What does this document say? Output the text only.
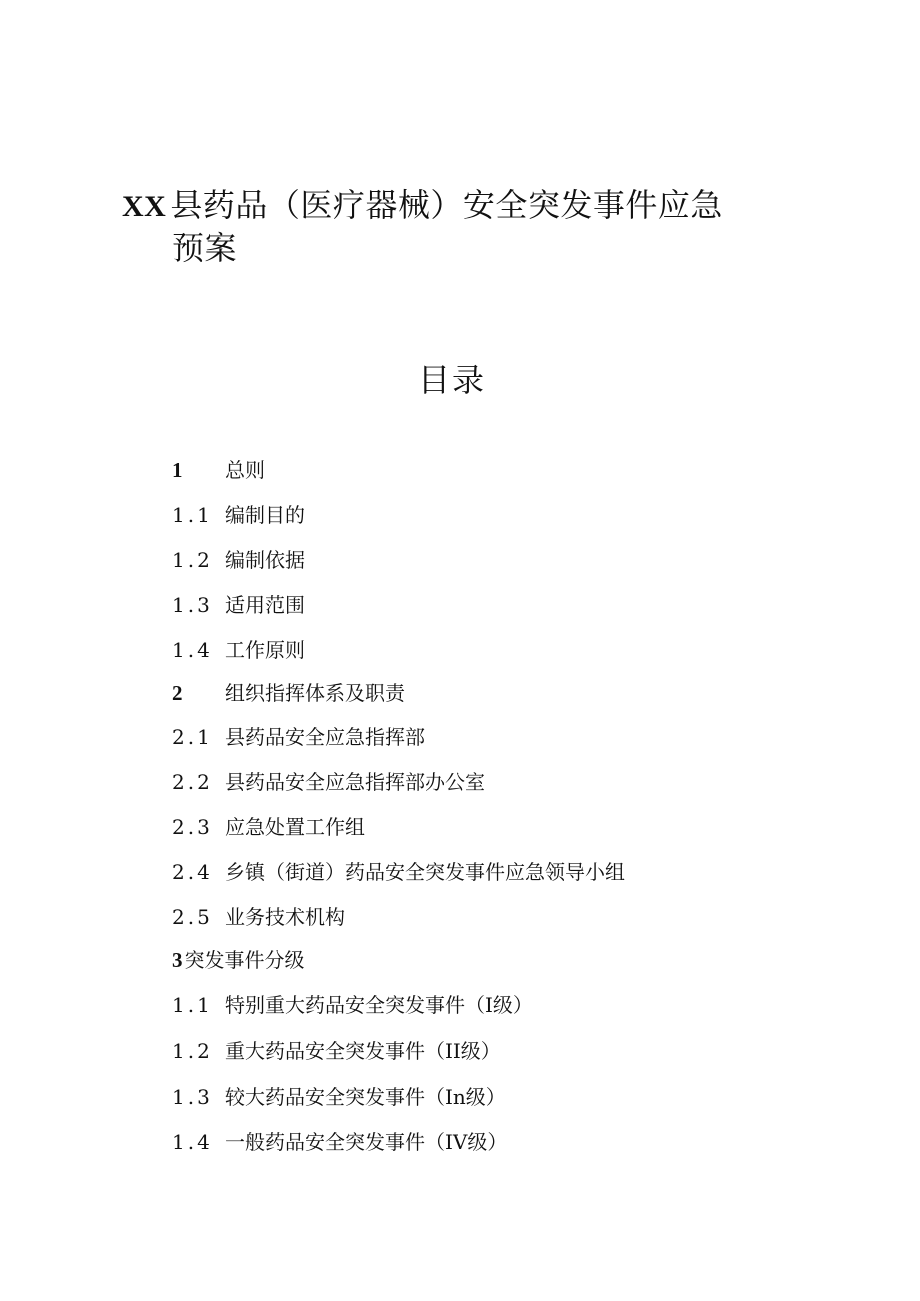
XX 县药品（医疗器械）安全突发事件应急
预案
目录
1 总则
1.1 编制目的
1.2 编制依据
1.3 适用范围
1.4 工作原则
2 组织指挥体系及职责
2.1 县药品安全应急指挥部
2.2 县药品安全应急指挥部办公室
2.3 应急处置工作组
2.4 乡镇（街道）药品安全突发事件应急领导小组
2.5 业务技术机构
3 突发事件分级
1.1 特别重大药品安全突发事件（I级）
1.2 重大药品安全突发事件（II级）
1.3 较大药品安全突发事件（In级）
1.4 一般药品安全突发事件（IV级）
